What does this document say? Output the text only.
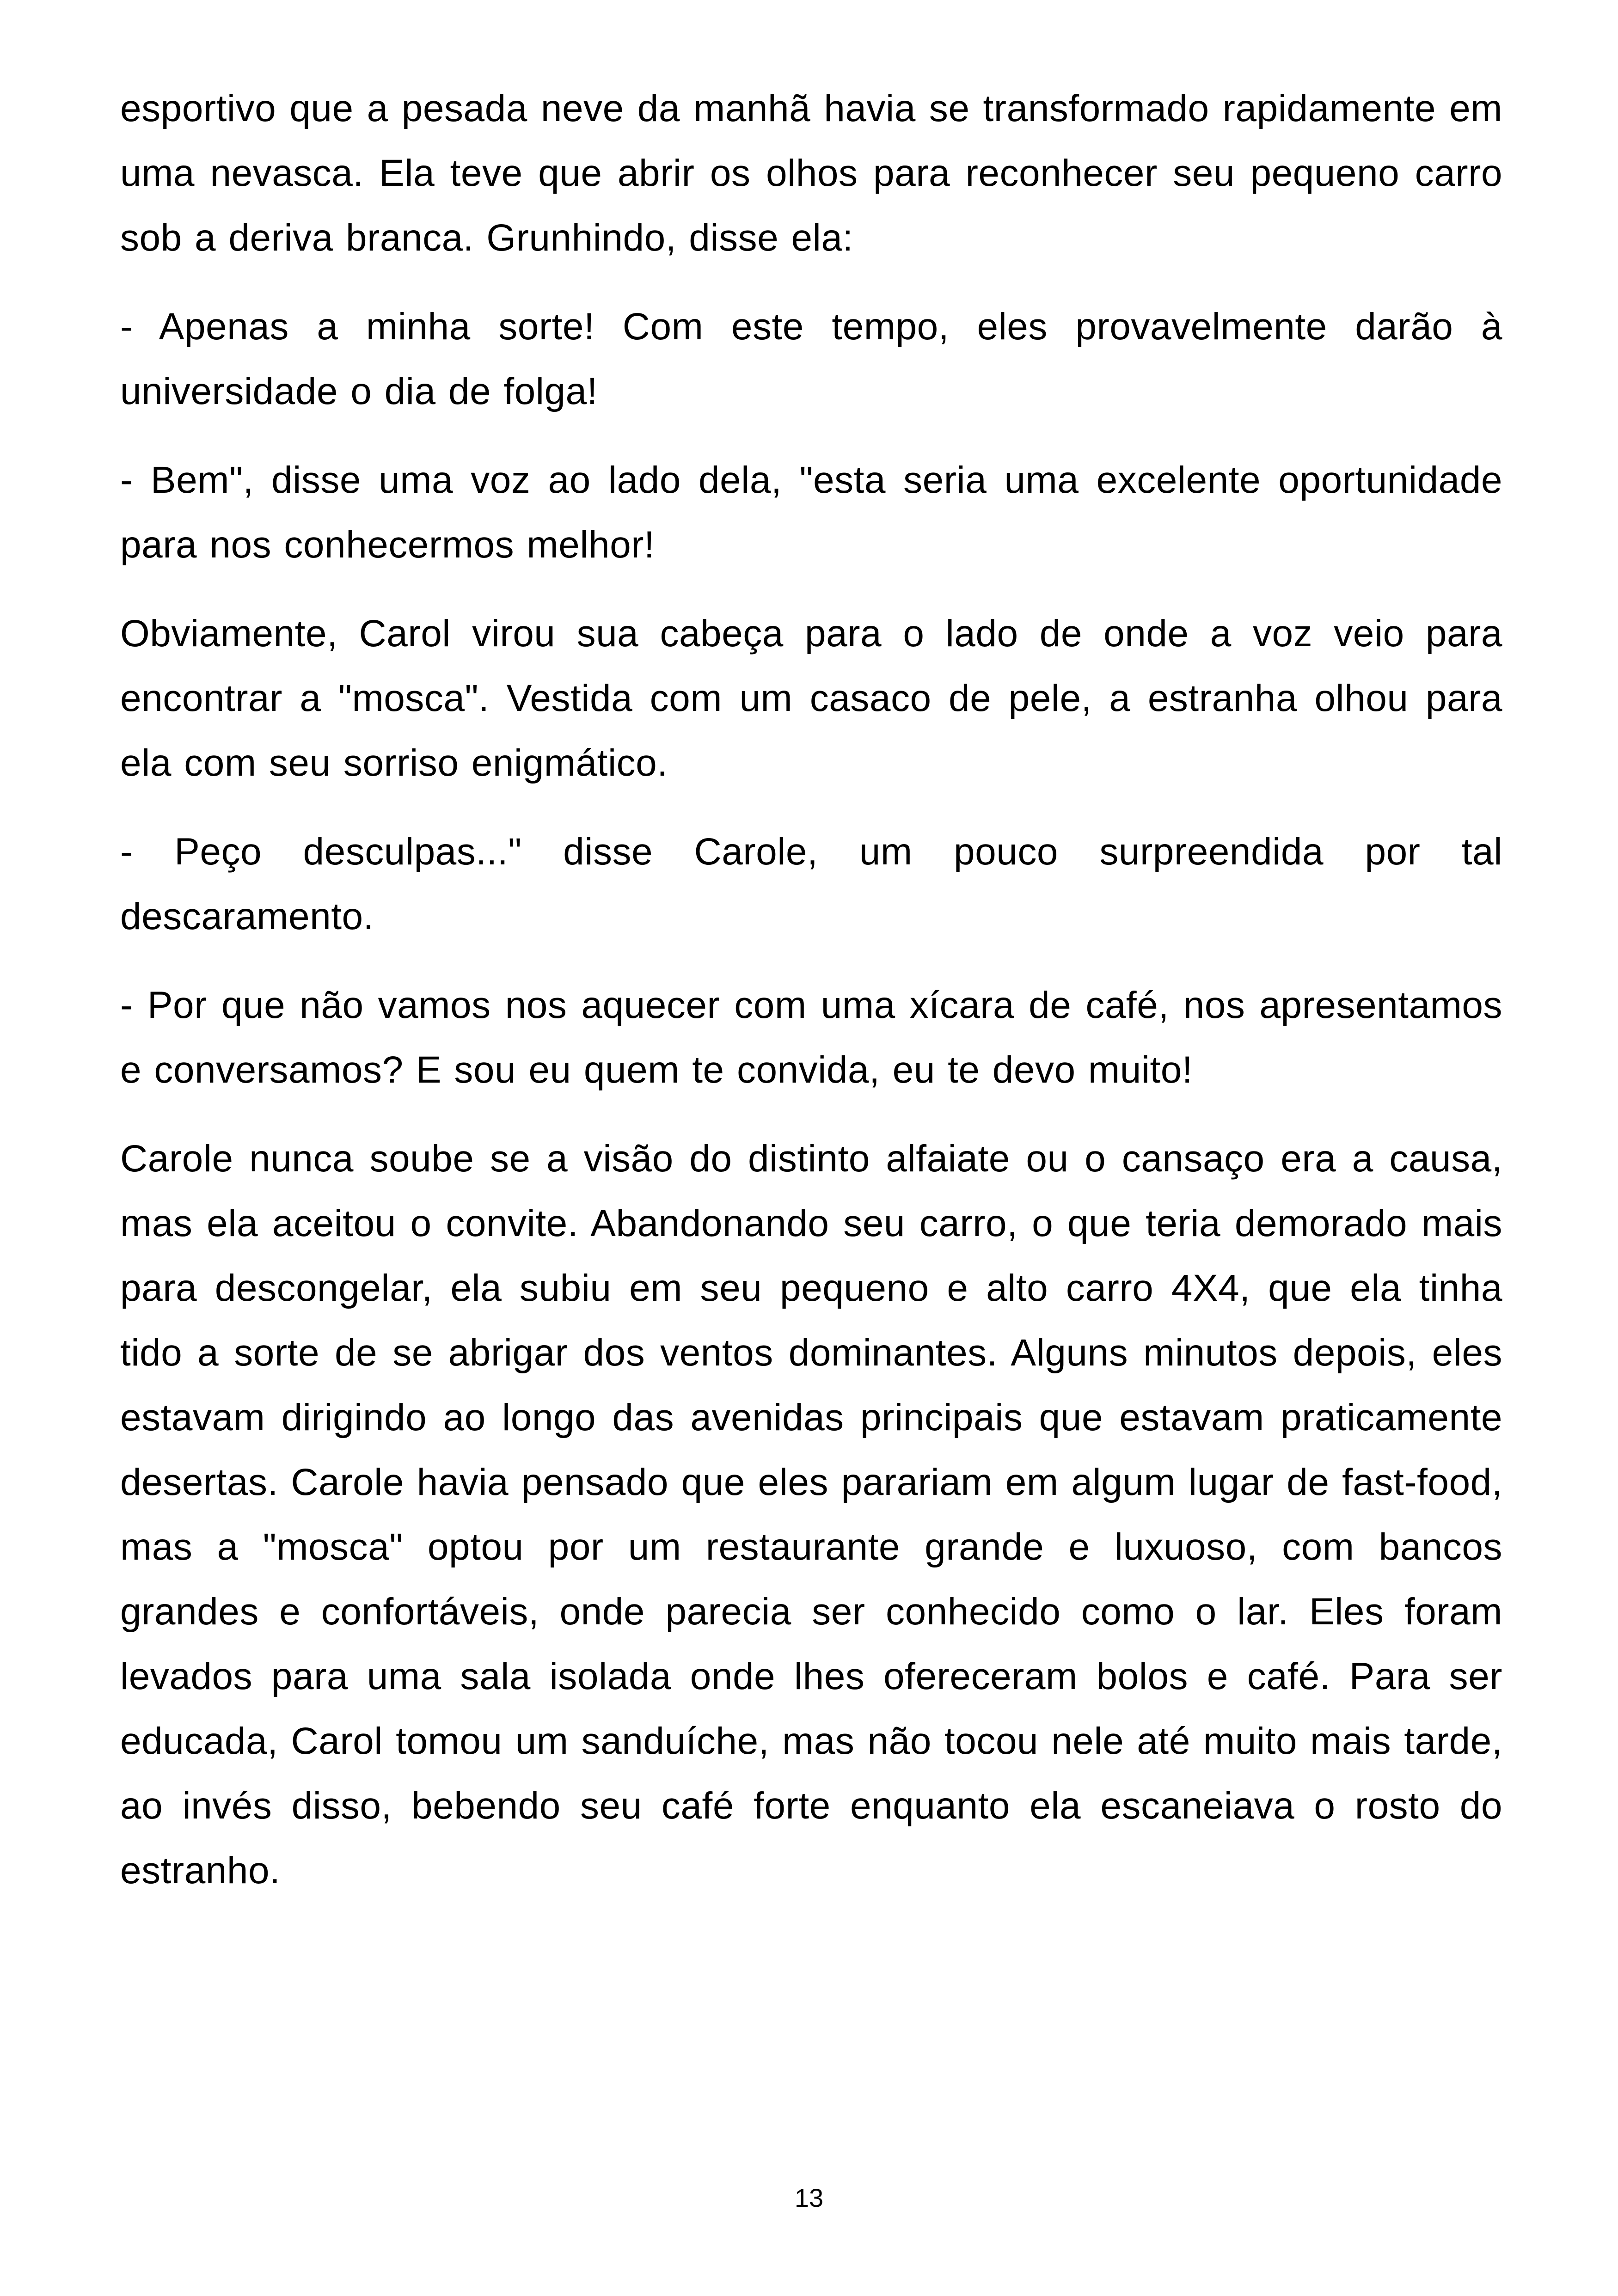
esportivo que a pesada neve da manhã havia se transformado rapidamente em uma nevasca. Ela teve que abrir os olhos para reconhecer seu pequeno carro sob a deriva branca. Grunhindo, disse ela:

- Apenas a minha sorte! Com este tempo, eles provavelmente darão à universidade o dia de folga!

- Bem", disse uma voz ao lado dela, "esta seria uma excelente oportunidade para nos conhecermos melhor!

Obviamente, Carol virou sua cabeça para o lado de onde a voz veio para encontrar a "mosca". Vestida com um casaco de pele, a estranha olhou para ela com seu sorriso enigmático.

- Peço desculpas..." disse Carole, um pouco surpreendida por tal descaramento.

- Por que não vamos nos aquecer com uma xícara de café, nos apresentamos e conversamos? E sou eu quem te convida, eu te devo muito!

Carole nunca soube se a visão do distinto alfaiate ou o cansaço era a causa, mas ela aceitou o convite. Abandonando seu carro, o que teria demorado mais para descongelar, ela subiu em seu pequeno e alto carro 4X4, que ela tinha tido a sorte de se abrigar dos ventos dominantes. Alguns minutos depois, eles estavam dirigindo ao longo das avenidas principais que estavam praticamente desertas. Carole havia pensado que eles parariam em algum lugar de fast-food, mas a "mosca" optou por um restaurante grande e luxuoso, com bancos grandes e confortáveis, onde parecia ser conhecido como o lar. Eles foram levados para uma sala isolada onde lhes ofereceram bolos e café. Para ser educada, Carol tomou um sanduíche, mas não tocou nele até muito mais tarde, ao invés disso, bebendo seu café forte enquanto ela escaneiava o rosto do estranho.

13
